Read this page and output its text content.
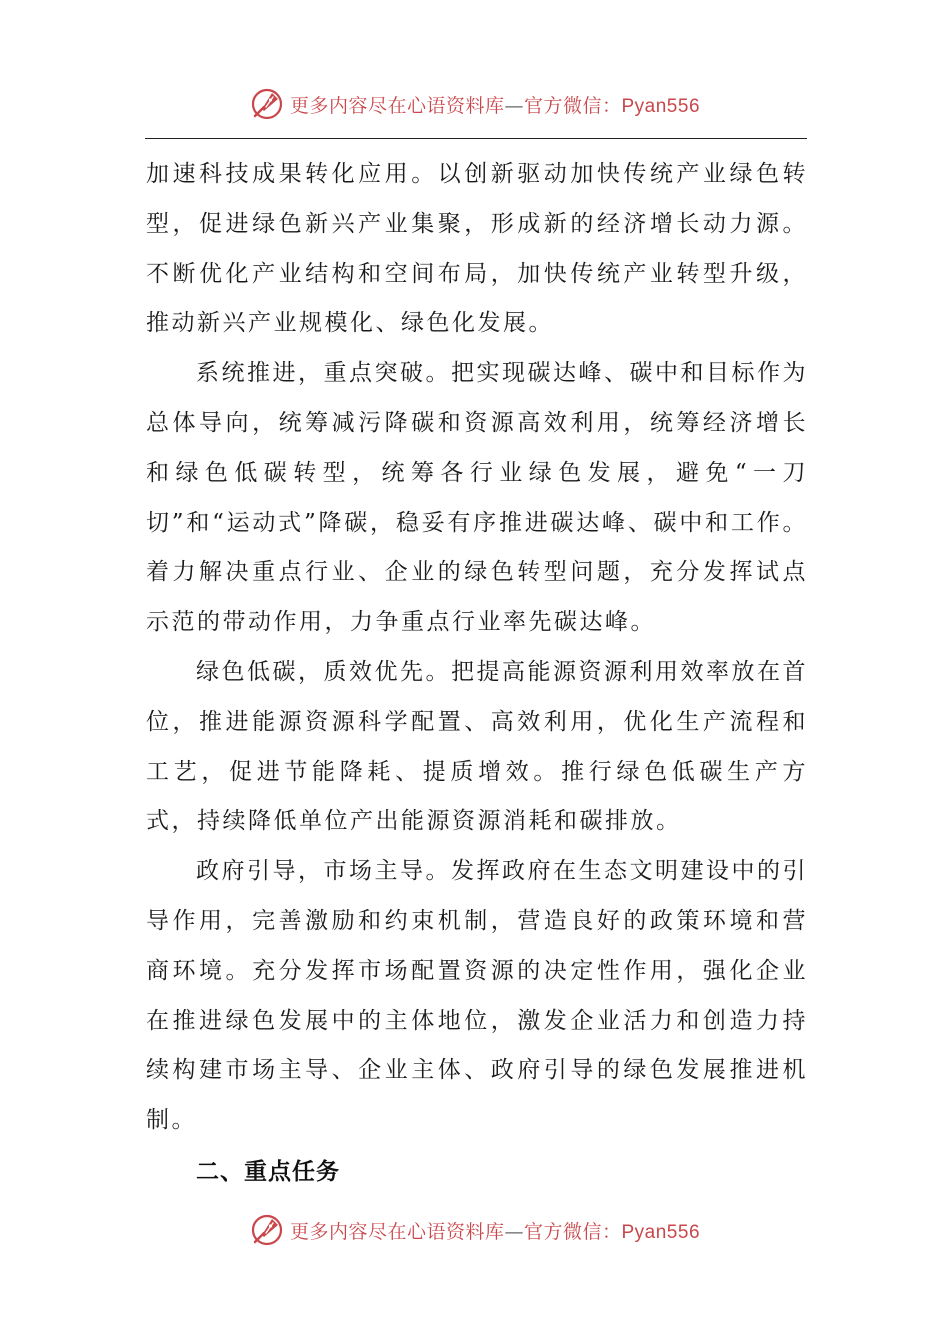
更多内容尽在心语资料库—官方微信：Pyan556

加速科技成果转化应用。以创新驱动加快传统产业绿色转型，促进绿色新兴产业集聚，形成新的经济增长动力源。不断优化产业结构和空间布局，加快传统产业转型升级，推动新兴产业规模化、绿色化发展。

系统推进，重点突破。把实现碳达峰、碳中和目标作为总体导向，统筹减污降碳和资源高效利用，统筹经济增长和绿色低碳转型，统筹各行业绿色发展，避免“一刀切”和“运动式”降碳，稳妥有序推进碳达峰、碳中和工作。着力解决重点行业、企业的绿色转型问题，充分发挥试点示范的带动作用，力争重点行业率先碳达峰。

绿色低碳，质效优先。把提高能源资源利用效率放在首位，推进能源资源科学配置、高效利用，优化生产流程和工艺，促进节能降耗、提质增效。推行绿色低碳生产方式，持续降低单位产出能源资源消耗和碳排放。

政府引导，市场主导。发挥政府在生态文明建设中的引导作用，完善激励和约束机制，营造良好的政策环境和营商环境。充分发挥市场配置资源的决定性作用，强化企业在推进绿色发展中的主体地位，激发企业活力和创造力持续构建市场主导、企业主体、政府引导的绿色发展推进机制。

二、重点任务
更多内容尽在心语资料库—官方微信：Pyan556
